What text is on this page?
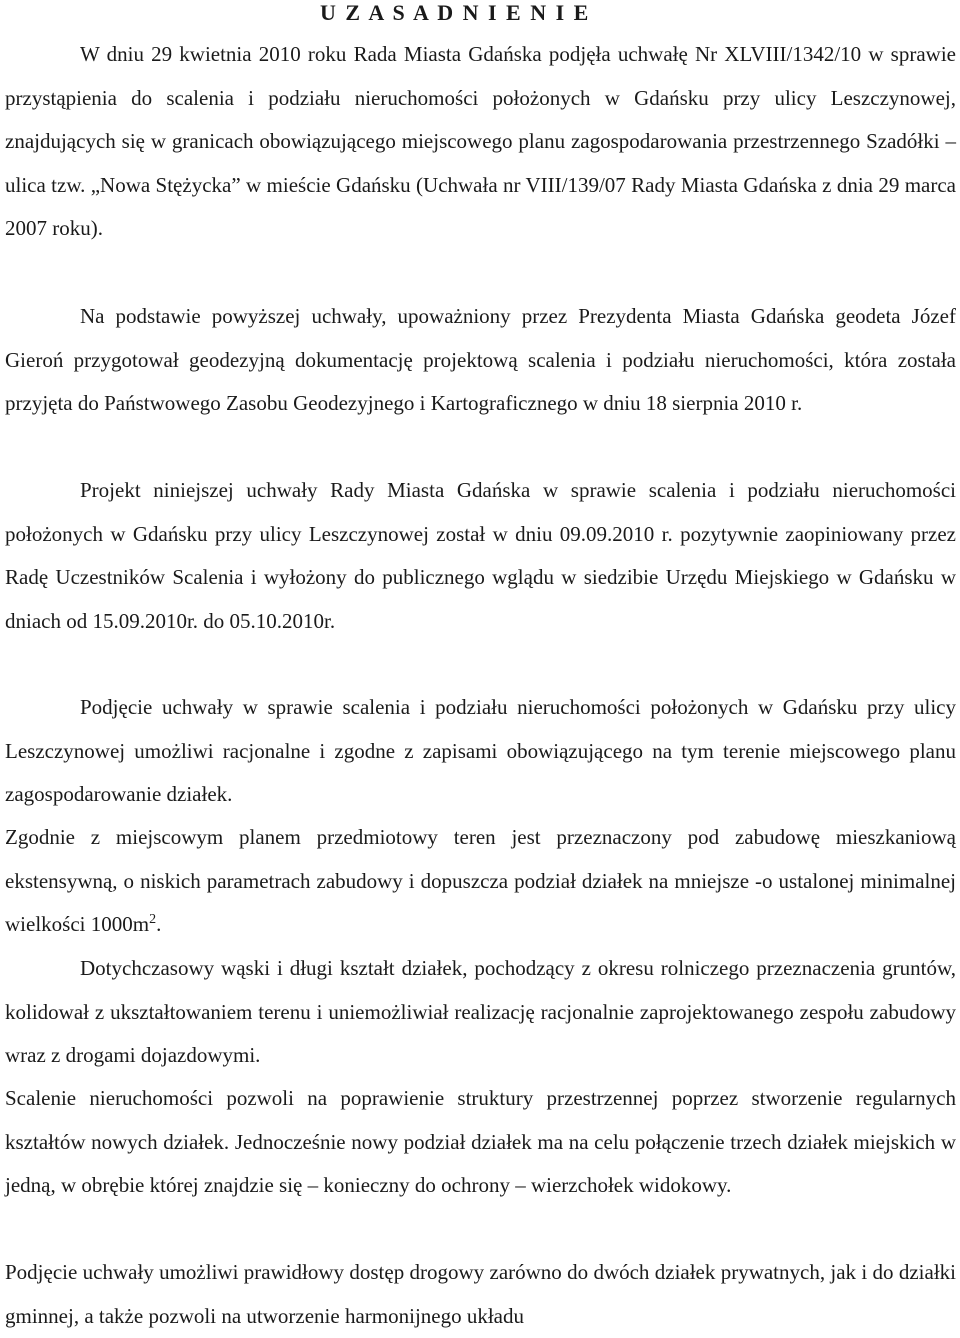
U Z A S A D N I E N I E

W dniu 29 kwietnia 2010 roku Rada Miasta Gdańska podjęła uchwałę Nr XLVIII/1342/10 w sprawie przystąpienia do scalenia i podziału nieruchomości położonych w Gdańsku przy ulicy Leszczynowej, znajdujących się w granicach obowiązującego miejscowego planu zagospodarowania przestrzennego Szadółki – ulica tzw. „Nowa Stężycka” w mieście Gdańsku (Uchwała nr VIII/139/07 Rady Miasta Gdańska z dnia 29 marca 2007 roku).

Na podstawie powyższej uchwały, upoważniony przez Prezydenta Miasta Gdańska geodeta Józef Gieroń przygotował geodezyjną dokumentację projektową scalenia i podziału nieruchomości, która została przyjęta do Państwowego Zasobu Geodezyjnego i Kartograficznego w dniu 18 sierpnia 2010 r.

Projekt niniejszej uchwały Rady Miasta Gdańska w sprawie scalenia i podziału nieruchomości położonych w Gdańsku przy ulicy Leszczynowej został w dniu 09.09.2010 r. pozytywnie zaopiniowany przez Radę Uczestników Scalenia i wyłożony do publicznego wglądu w siedzibie Urzędu Miejskiego w Gdańsku w dniach od 15.09.2010r. do 05.10.2010r.

Podjęcie uchwały w sprawie scalenia i podziału nieruchomości położonych w Gdańsku przy ulicy Leszczynowej umożliwi racjonalne i zgodne z zapisami obowiązującego na tym terenie miejscowego planu zagospodarowanie działek.

Zgodnie z miejscowym planem przedmiotowy teren jest przeznaczony pod zabudowę mieszkaniową ekstensywną, o niskich parametrach zabudowy i dopuszcza podział działek na mniejsze -o ustalonej minimalnej wielkości $1000m^2$.

Dotychczasowy wąski i długi kształt działek, pochodzący z okresu rolniczego przeznaczenia gruntów, kolidował z ukształtowaniem terenu i uniemożliwiał realizację racjonalnie zaprojektowanego zespołu zabudowy wraz z drogami dojazdowymi.

Scalenie nieruchomości pozwoli na poprawienie struktury przestrzennej poprzez stworzenie regularnych kształtów nowych działek. Jednocześnie nowy podział działek ma na celu połączenie trzech działek miejskich w jedną, w obrębie której znajdzie się – konieczny do ochrony – wierzchołek widokowy.

Podjęcie uchwały umożliwi prawidłowy dostęp drogowy zarówno do dwóch działek prywatnych, jak i do działki gminnej, a także pozwoli na utworzenie harmonijnego układu
